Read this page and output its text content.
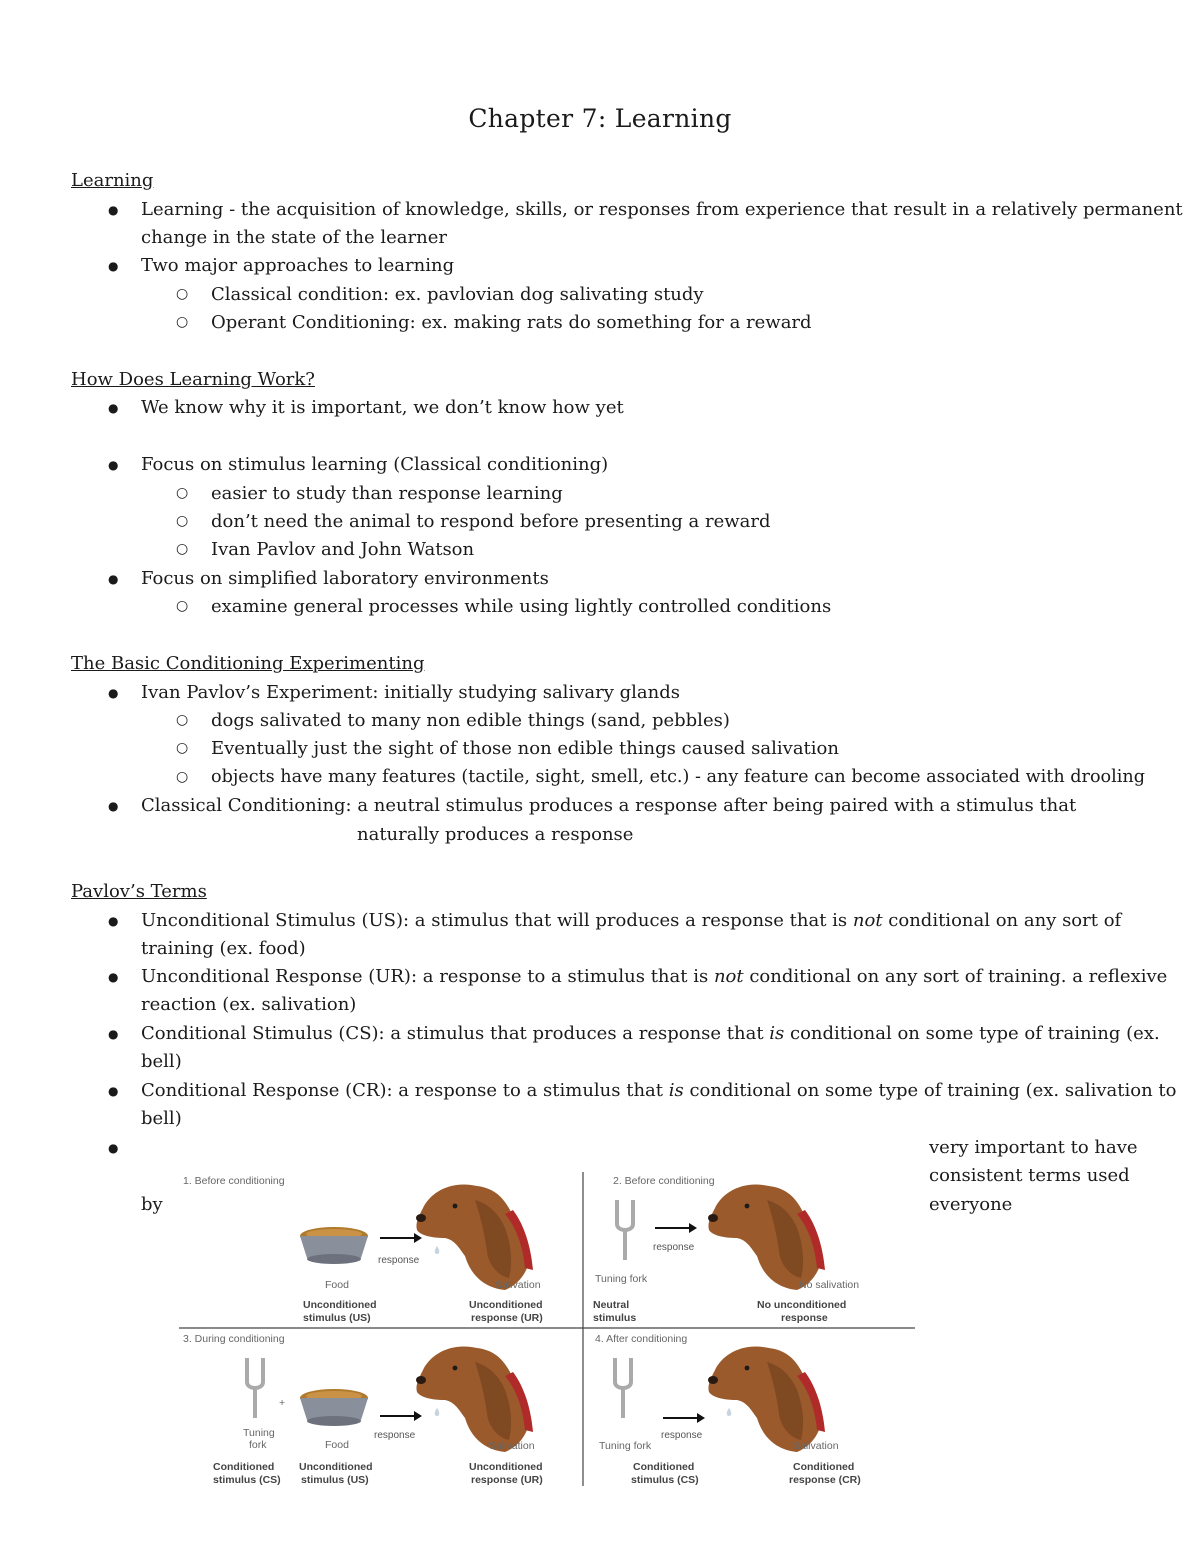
Chapter 7: Learning

Learning

● Learning - the acquisition of knowledge, skills, or responses from experience that result in a relatively permanent

change in the state of the learner

● Two major approaches to learning

○ Classical condition: ex. pavlovian dog salivating study

○ Operant Conditioning: ex. making rats do something for a reward

How Does Learning Work?

● We know why it is important, we don’t know how yet

● Focus on stimulus learning (Classical conditioning)

○ easier to study than response learning

○ don’t need the animal to respond before presenting a reward

○ Ivan Pavlov and John Watson

● Focus on simplified laboratory environments

○ examine general processes while using lightly controlled conditions

The Basic Conditioning Experimenting

● Ivan Pavlov’s Experiment: initially studying salivary glands

○ dogs salivated to many non edible things (sand, pebbles)

○ Eventually just the sight of those non edible things caused salivation

○ objects have many features (tactile, sight, smell, etc.) - any feature can become associated with drooling

● Classical Conditioning: a neutral stimulus produces a response after being paired with a stimulus that

naturally produces a response

Pavlov’s Terms

● Unconditional Stimulus (US): a stimulus that will produces a response that is not conditional on any sort of

training (ex. food)

● Unconditional Response (UR): a response to a stimulus that is not conditional on any sort of training. a reflexive

reaction (ex. salivation)

● Conditional Stimulus (CS): a stimulus that produces a response that is conditional on some type of training (ex.

bell)

● Conditional Response (CR): a response to a stimulus that is conditional on some type of training (ex. salivation to

bell)

●	very important to have

consistent terms used

by	everyone

1. Before conditioning
response
Food
Unconditioned
stimulus (US)
Salivation
Unconditioned
response (UR)
2. Before conditioning
response
Tuning fork
Neutral
stimulus
No salivation
No unconditioned
response
3. During conditioning
+
response
Tuning
fork	Food
Conditioned
stimulus (CS)
Unconditioned
stimulus (US)
Salivation
Unconditioned
response (UR)
4. After conditioning
response
Tuning fork
Conditioned
stimulus (CS)
Salivation
Conditioned
response (CR)
